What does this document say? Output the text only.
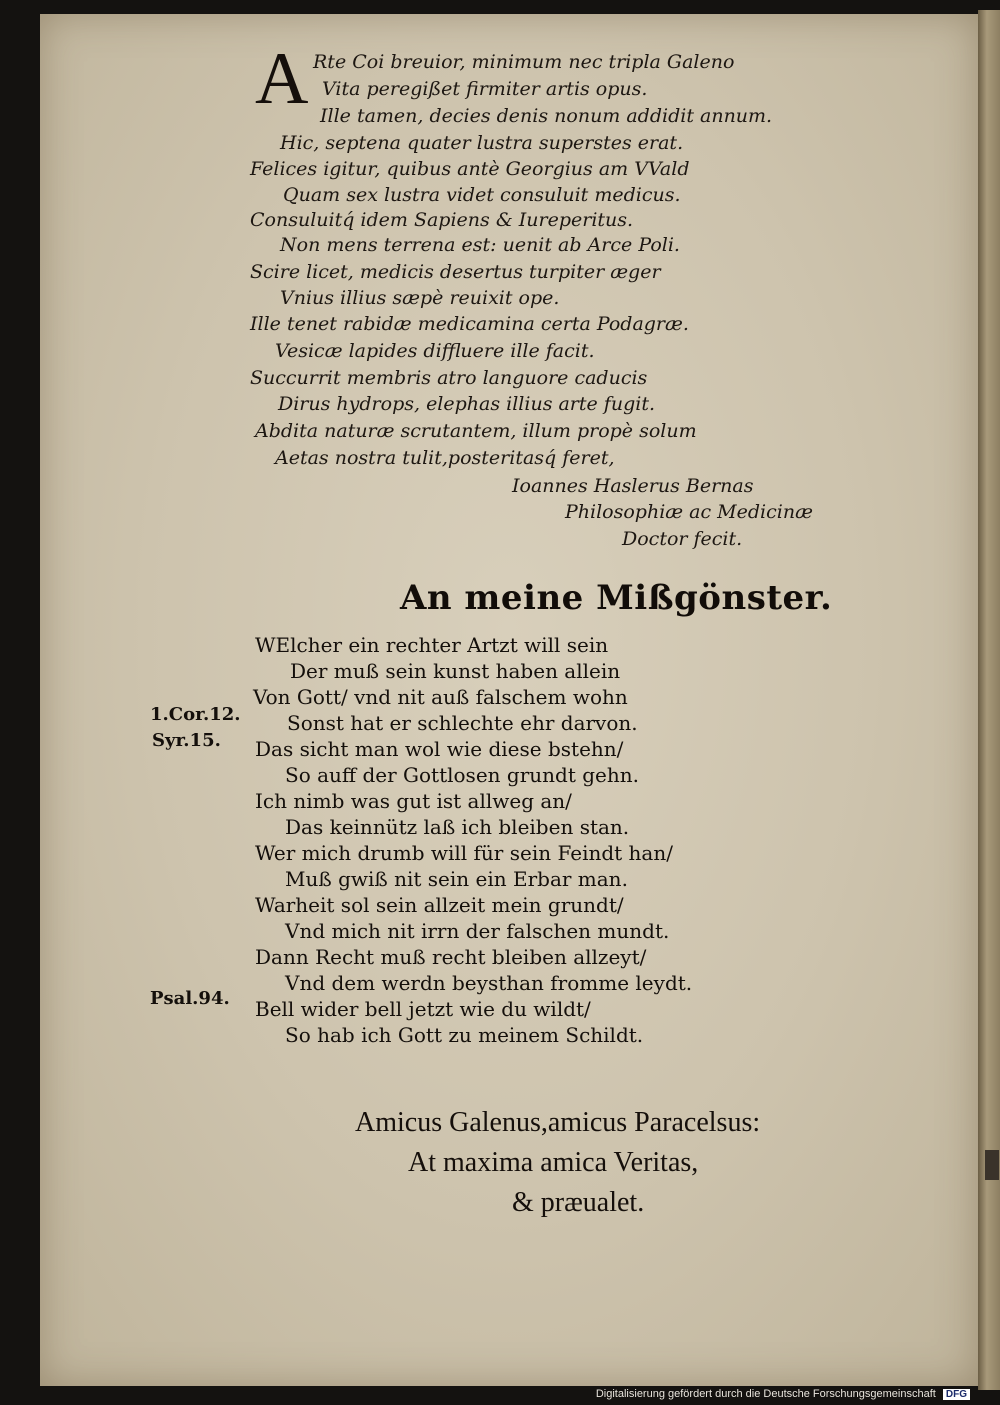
A Rte Coi breuior, minimum nec tripla Galeno
Vita peregißet firmiter artis opus.
Ille tamen, decies denis nonum addidit annum.
Hic, septena quater lustra superstes erat.
Felices igitur, quibus antè Georgius am VVald
Quam sex lustra videt consuluit medicus.
Consuluitq́ idem Sapiens & Iureperitus.
Non mens terrena est: uenit ab Arce Poli.
Scire licet, medicis desertus turpiter æger
Vnius illius sæpè reuixit ope.
Ille tenet rabidæ medicamina certa Podagræ.
Vesicæ lapides diffluere ille facit.
Succurrit membris atro languore caducis
Dirus hydrops, elephas illius arte fugit.
Abdita naturæ scrutantem, illum propè solum
Aetas nostra tulit,posteritasq́ feret,
Ioannes Haslerus Bernas
Philosophiæ ac Medicinæ
Doctor fecit.
An meine Mißgönster.
WElcher ein rechter Artzt will sein
Der muß sein kunst haben allein
Von Gott/ vnd nit auß falschem wohn
Sonst hat er schlechte ehr darvon.
Das sicht man wol wie diese bstehn/
So auff der Gottlosen grundt gehn.
Ich nimb was gut ist allweg an/
Das keinnütz laß ich bleiben stan.
Wer mich drumb will für sein Feindt han/
Muß gwiß nit sein ein Erbar man.
Warheit sol sein allzeit mein grundt/
Vnd mich nit irrn der falschen mundt.
Dann Recht muß recht bleiben allzeyt/
Vnd dem werdn beysthan fromme leydt.
Bell wider bell jetzt wie du wildt/
So hab ich Gott zu meinem Schildt.
1.Cor.12.
Syr.15.
Psal.94.
Amicus Galenus,amicus Paracelsus:
At maxima amica Veritas,
& præualet.
Digitalisierung gefördert durch die Deutsche Forschungsgemeinschaft DFG
